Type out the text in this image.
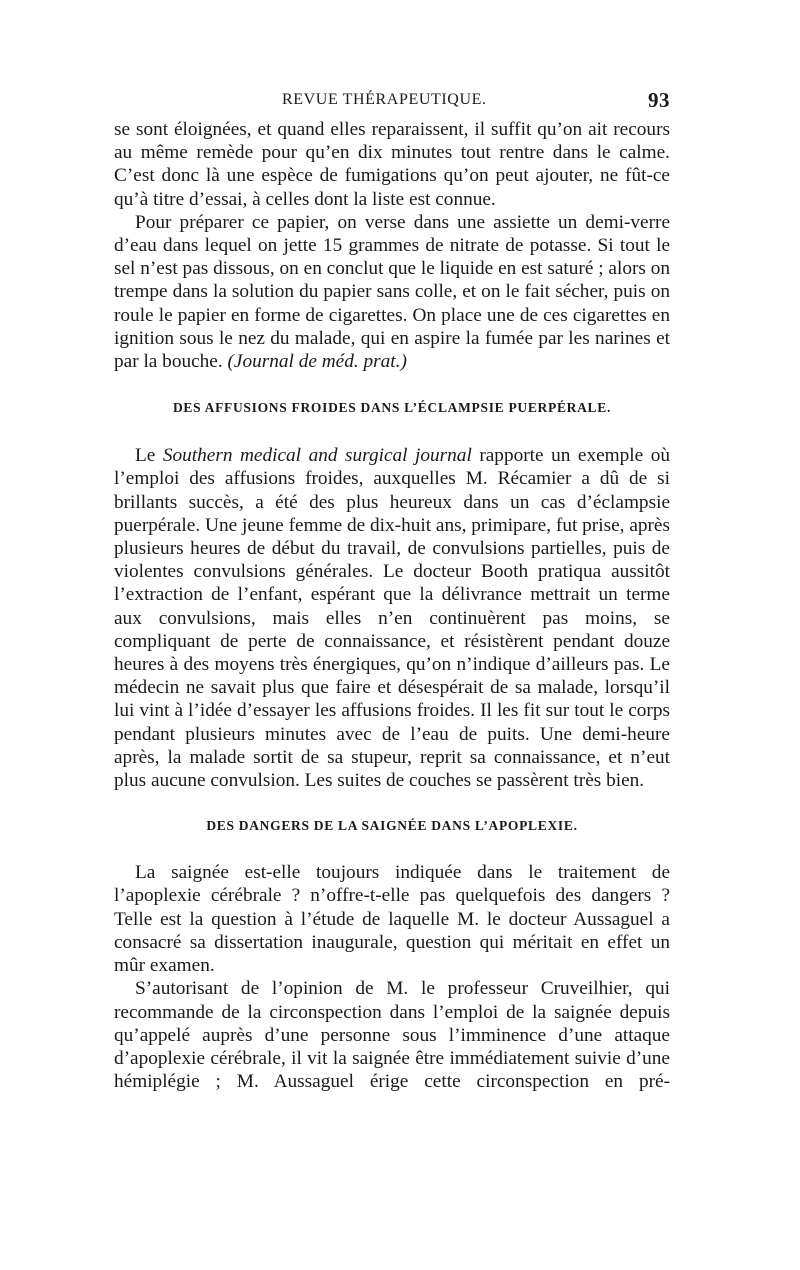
REVUE THÉRAPEUTIQUE.	93

se sont éloignées, et quand elles reparaissent, il suffit qu’on ait recours au même remède pour qu’en dix minutes tout rentre dans le calme. C’est donc là une espèce de fumigations qu’on peut ajouter, ne fût-ce qu’à titre d’essai, à celles dont la liste est connue.

Pour préparer ce papier, on verse dans une assiette un demi-verre d’eau dans lequel on jette 15 grammes de nitrate de potasse. Si tout le sel n’est pas dissous, on en conclut que le liquide en est saturé ; alors on trempe dans la solution du papier sans colle, et on le fait sécher, puis on roule le papier en forme de cigarettes. On place une de ces cigarettes en ignition sous le nez du malade, qui en aspire la fumée par les narines et par la bouche. (Journal de méd. prat.)

DES AFFUSIONS FROIDES DANS L’ÉCLAMPSIE PUERPÉRALE.

Le Southern medical and surgical journal rapporte un exemple où l’emploi des affusions froides, auxquelles M. Récamier a dû de si brillants succès, a été des plus heureux dans un cas d’éclampsie puerpérale. Une jeune femme de dix-huit ans, primipare, fut prise, après plusieurs heures de début du travail, de convulsions partielles, puis de violentes convulsions générales. Le docteur Booth pratiqua aussitôt l’extraction de l’enfant, espérant que la délivrance mettrait un terme aux convulsions, mais elles n’en continuèrent pas moins, se compliquant de perte de connaissance, et résistèrent pendant douze heures à des moyens très énergiques, qu’on n’indique d’ailleurs pas. Le médecin ne savait plus que faire et désespérait de sa malade, lorsqu’il lui vint à l’idée d’essayer les affusions froides. Il les fit sur tout le corps pendant plusieurs minutes avec de l’eau de puits. Une demi-heure après, la malade sortit de sa stupeur, reprit sa connaissance, et n’eut plus aucune convulsion. Les suites de couches se passèrent très bien.

DES DANGERS DE LA SAIGNÉE DANS L’APOPLEXIE.

La saignée est-elle toujours indiquée dans le traitement de l’apoplexie cérébrale ? n’offre-t-elle pas quelquefois des dangers ? Telle est la question à l’étude de laquelle M. le docteur Aussaguel a consacré sa dissertation inaugurale, question qui méritait en effet un mûr examen.

S’autorisant de l’opinion de M. le professeur Cruveilhier, qui recommande de la circonspection dans l’emploi de la saignée depuis qu’appelé auprès d’une personne sous l’imminence d’une attaque d’apoplexie cérébrale, il vit la saignée être immédiatement suivie d’une hémiplégie ; M. Aussaguel érige cette circonspection en pré-
